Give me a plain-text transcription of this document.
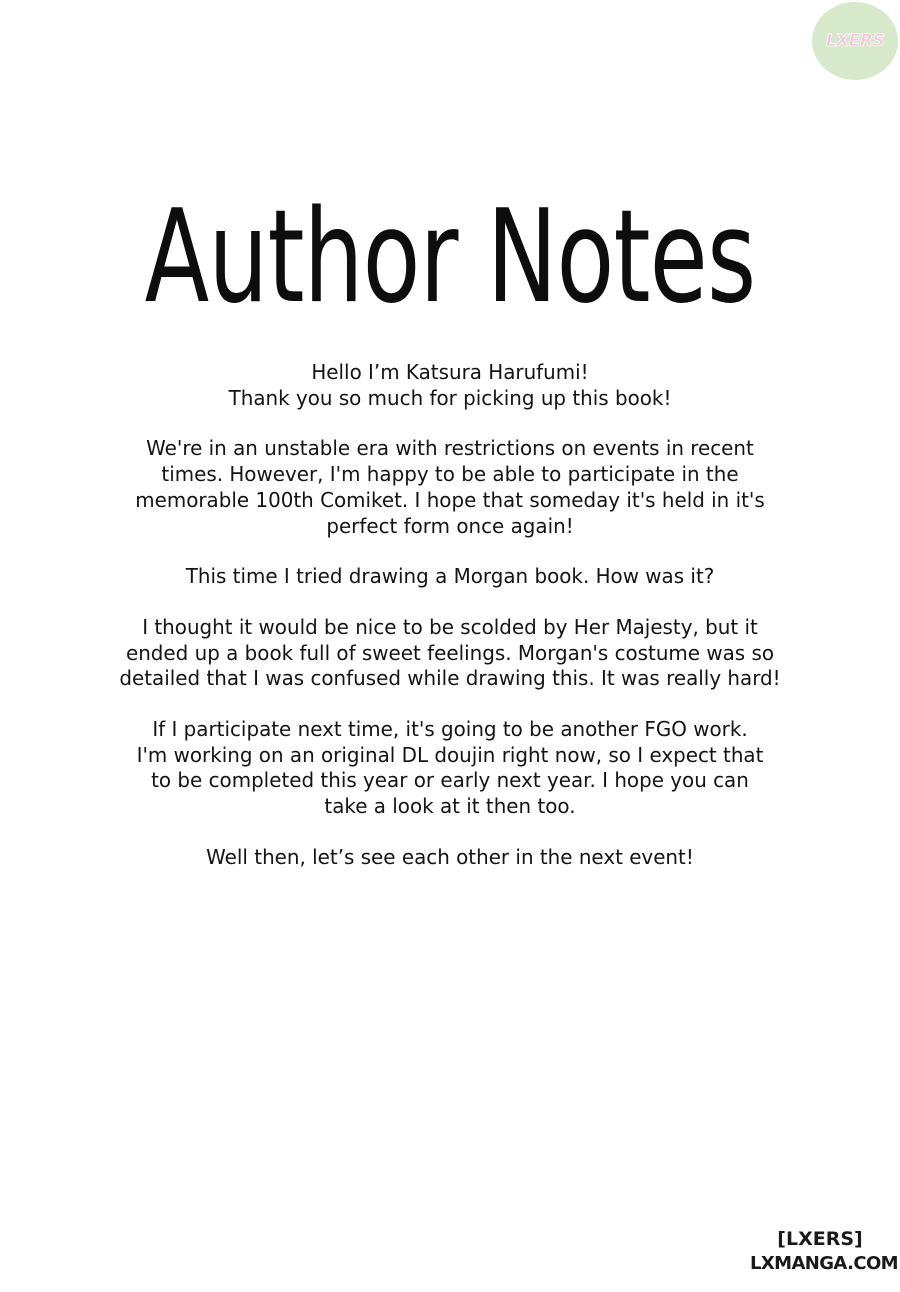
LXERS
Author Notes

Hello I’m Katsura Harufumi!
Thank you so much for picking up this book!

We're in an unstable era with restrictions on events in recent
times. However, I'm happy to be able to participate in the
memorable 100th Comiket. I hope that someday it's held in it's
perfect form once again!

This time I tried drawing a Morgan book. How was it?

I thought it would be nice to be scolded by Her Majesty, but it
ended up a book full of sweet feelings. Morgan's costume was so
detailed that I was confused while drawing this. It was really hard!

If I participate next time, it's going to be another FGO work.
I'm working on an original DL doujin right now, so I expect that
to be completed this year or early next year. I hope you can
take a look at it then too.

Well then, let’s see each other in the next event!

[LXERS]
LXMANGA.COM
